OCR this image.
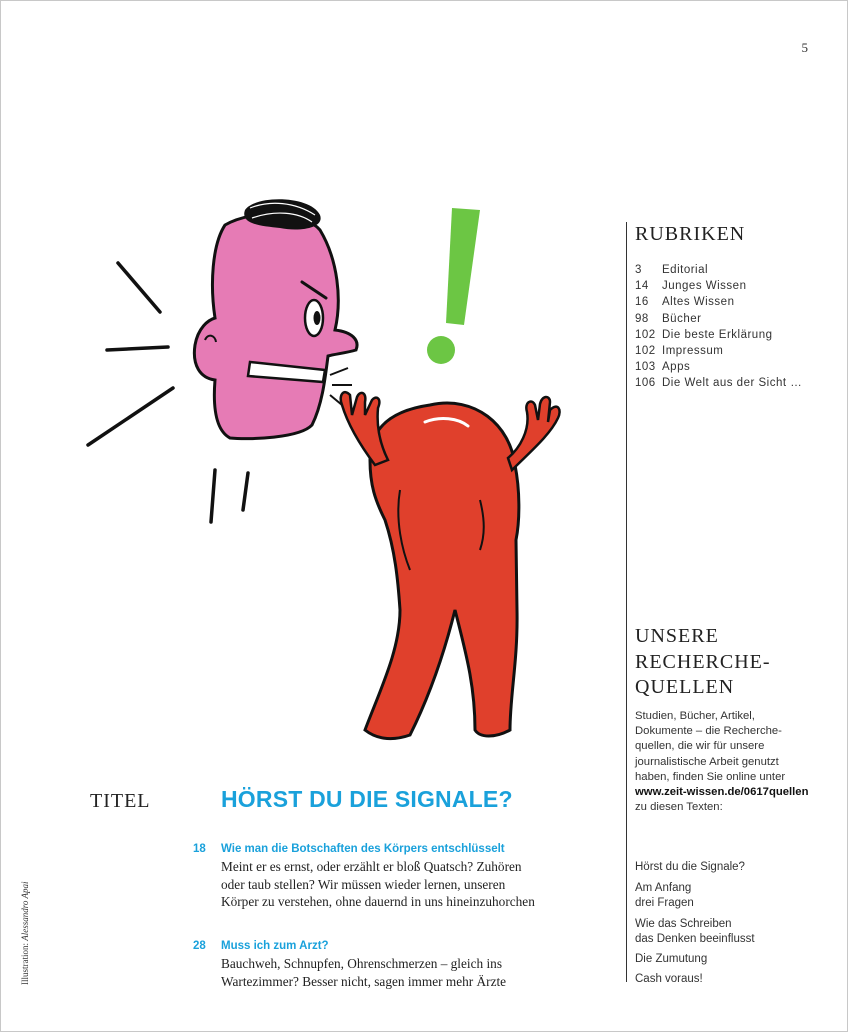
5
RUBRIKEN
3	Editorial
14	Junges Wissen
16	Altes Wissen
98	Bücher
102 Die beste Erklärung
102 Impressum
103 Apps
106 Die Welt aus der Sicht …
UNSERE
RECHERCHE-
QUELLEN
Studien, Bücher, Artikel,
Dokumente – die Recherche-
quellen, die wir für unsere
journalistische Arbeit genutzt
haben, finden Sie online unter
www.zeit-wissen.de/0617quellen
zu diesen Texten:
Hörst du die Signale?
Am Anfang
drei Fragen
Wie das Schreiben
das Denken beeinflusst
Die Zumutung
Cash voraus!
TITEL	HÖRST DU DIE SIGNALE?
18 Wie man die Botschaften des Körpers entschlüsselt
Meint er es ernst, oder erzählt er bloß Quatsch? Zuhören
oder taub stellen? Wir müssen wieder lernen, unseren
Körper zu verstehen, ohne dauernd in uns hineinzuhorchen
28 Muss ich zum Arzt?
Bauchweh, Schnupfen, Ohrenschmerzen – gleich ins
Wartezimmer? Besser nicht, sagen immer mehr Ärzte
Illustration: Alessandro Apai
